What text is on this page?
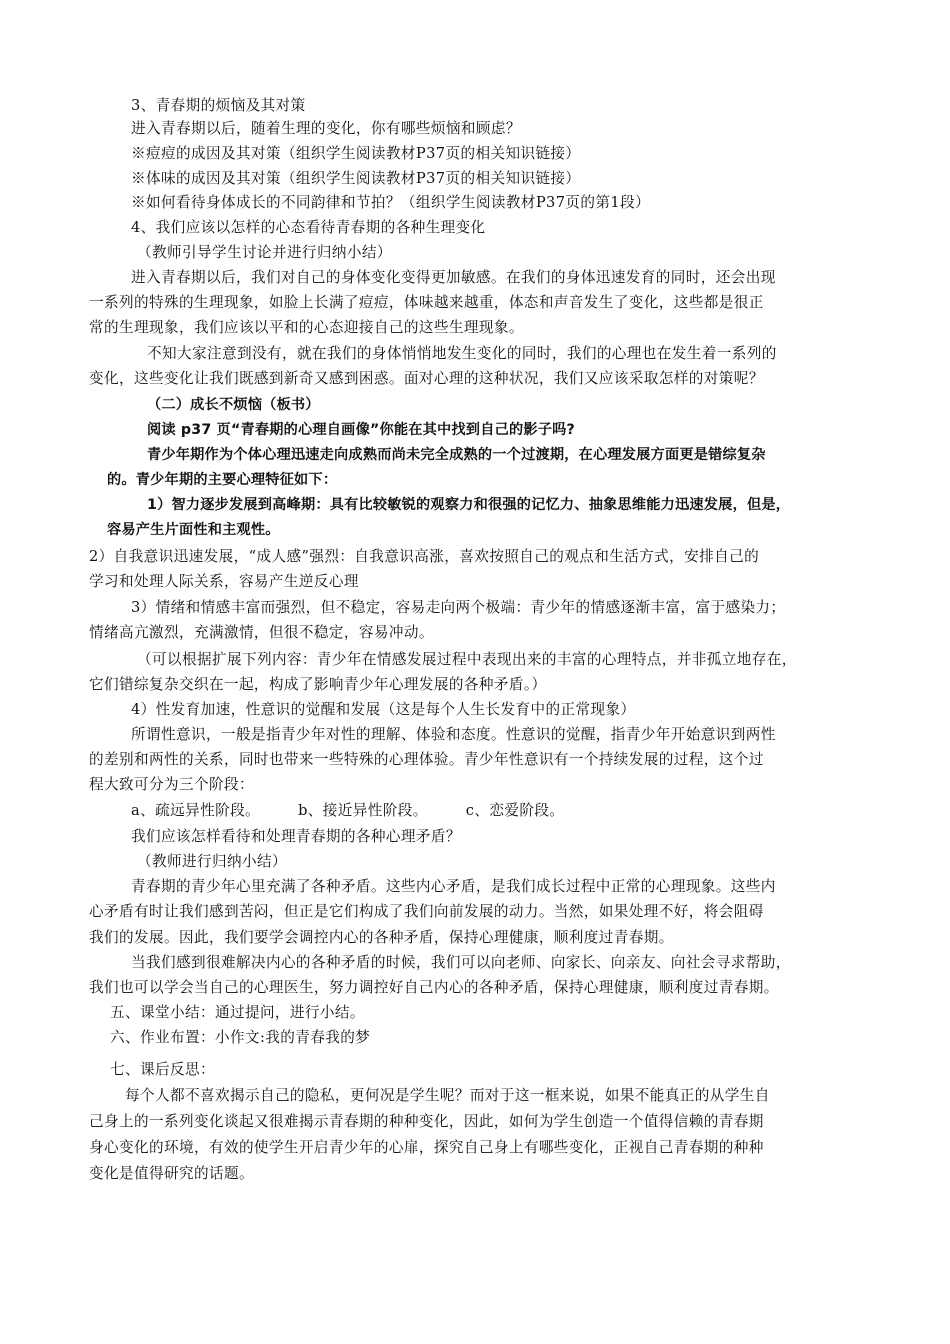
3、青春期的烦恼及其对策
进入青春期以后，随着生理的变化，你有哪些烦恼和顾虑？
※痘痘的成因及其对策（组织学生阅读教材P37页的相关知识链接）
※体味的成因及其对策（组织学生阅读教材P37页的相关知识链接）
※如何看待身体成长的不同韵律和节拍？（组织学生阅读教材P37页的第1段）
4、我们应该以怎样的心态看待青春期的各种生理变化
（教师引导学生讨论并进行归纳小结）
进入青春期以后，我们对自己的身体变化变得更加敏感。在我们的身体迅速发育的同时，还会出现
一系列的特殊的生理现象，如脸上长满了痘痘，体味越来越重，体态和声音发生了变化，这些都是很正
常的生理现象，我们应该以平和的心态迎接自己的这些生理现象。
不知大家注意到没有，就在我们的身体悄悄地发生变化的同时，我们的心理也在发生着一系列的
变化，这些变化让我们既感到新奇又感到困惑。面对心理的这种状况，我们又应该采取怎样的对策呢？
（二）成长不烦恼（板书）
阅读 p37 页“青春期的心理自画像”你能在其中找到自己的影子吗?
青少年期作为个体心理迅速走向成熟而尚未完全成熟的一个过渡期，在心理发展方面更是错综复杂
的。青少年期的主要心理特征如下：
1）智力逐步发展到高峰期：具有比较敏锐的观察力和很强的记忆力、抽象思维能力迅速发展，但是，
容易产生片面性和主观性。
2）自我意识迅速发展，“成人感”强烈：自我意识高涨，喜欢按照自己的观点和生活方式，安排自己的
学习和处理人际关系，容易产生逆反心理
3）情绪和情感丰富而强烈，但不稳定，容易走向两个极端：青少年的情感逐渐丰富，富于感染力；
情绪高亢激烈，充满激情，但很不稳定，容易冲动。
（可以根据扩展下列内容：青少年在情感发展过程中表现出来的丰富的心理特点，并非孤立地存在，
它们错综复杂交织在一起，构成了影响青少年心理发展的各种矛盾。）
4）性发育加速，性意识的觉醒和发展（这是每个人生长发育中的正常现象）
所谓性意识，一般是指青少年对性的理解、体验和态度。性意识的觉醒，指青少年开始意识到两性
的差别和两性的关系，同时也带来一些特殊的心理体验。青少年性意识有一个持续发展的过程，这个过
程大致可分为三个阶段：
a、疏远异性阶段。	b、接近异性阶段。	c、恋爱阶段。
我们应该怎样看待和处理青春期的各种心理矛盾？
（教师进行归纳小结）
青春期的青少年心里充满了各种矛盾。这些内心矛盾，是我们成长过程中正常的心理现象。这些内
心矛盾有时让我们感到苦闷，但正是它们构成了我们向前发展的动力。当然，如果处理不好，将会阻碍
我们的发展。因此，我们要学会调控内心的各种矛盾，保持心理健康，顺利度过青春期。
当我们感到很难解决内心的各种矛盾的时候，我们可以向老师、向家长、向亲友、向社会寻求帮助，
我们也可以学会当自己的心理医生，努力调控好自己内心的各种矛盾，保持心理健康，顺利度过青春期。
五、课堂小结：通过提问，进行小结。
六、作业布置：小作文:我的青春我的梦
七、课后反思：
每个人都不喜欢揭示自己的隐私，更何况是学生呢？而对于这一框来说，如果不能真正的从学生自
己身上的一系列变化谈起又很难揭示青春期的种种变化，因此，如何为学生创造一个值得信赖的青春期
身心变化的环境，有效的使学生开启青少年的心扉，探究自己身上有哪些变化，正视自己青春期的种种
变化是值得研究的话题。
